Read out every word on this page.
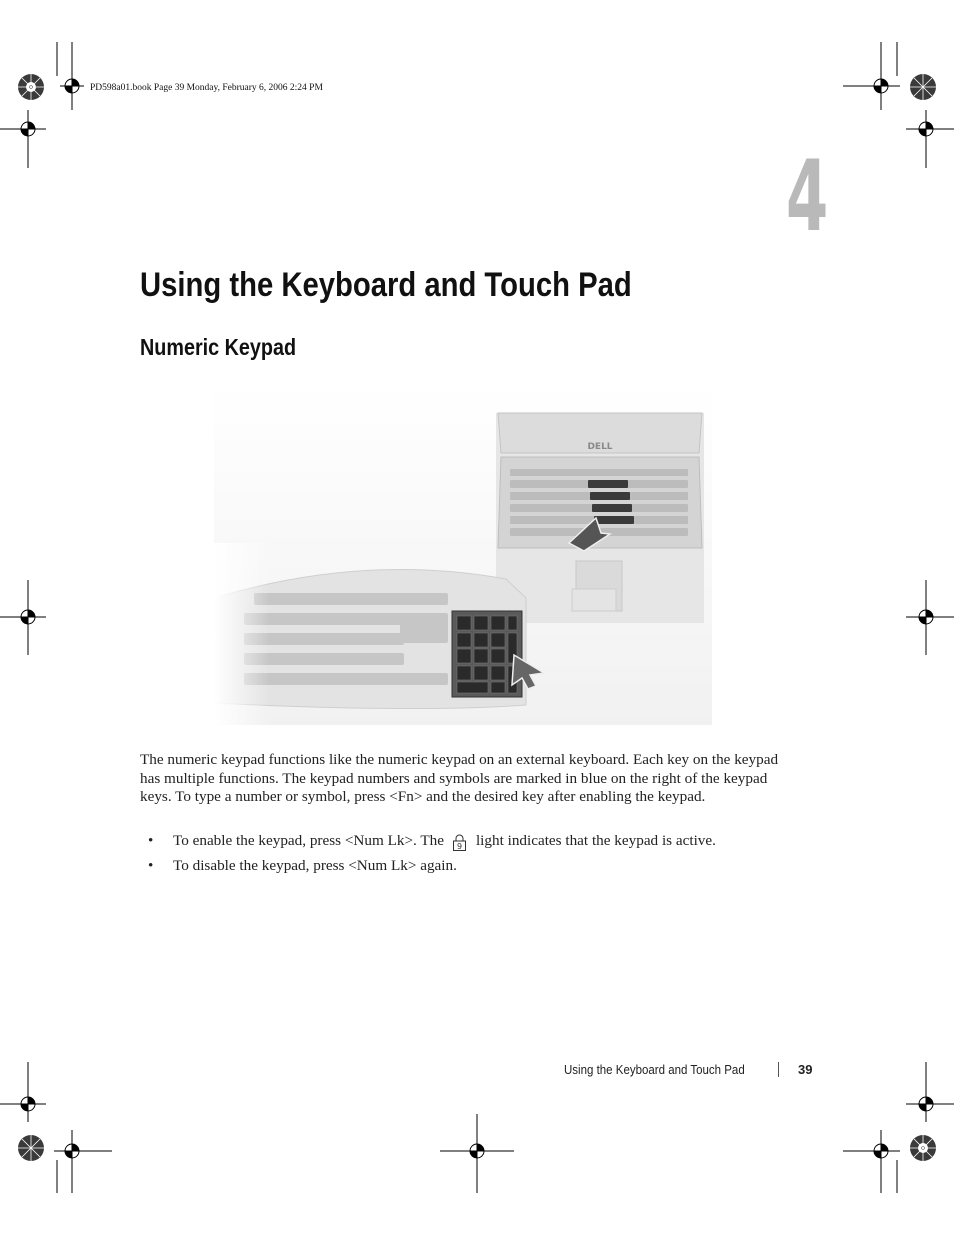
PD598a01.book Page 39 Monday, February 6, 2006 2:24 PM
4
Using the Keyboard and Touch Pad
Numeric Keypad
DELL
The numeric keypad functions like the numeric keypad on an external keyboard. Each key on the keypad has multiple functions. The keypad numbers and symbols are marked in blue on the right of the keypad keys. To type a number or symbol, press <Fn> and the desired key after enabling the keypad.
• To enable the keypad, press <Num Lk>. The 9 light indicates that the keypad is active.
• To disable the keypad, press <Num Lk> again.
Using the Keyboard and Touch Pad	39
